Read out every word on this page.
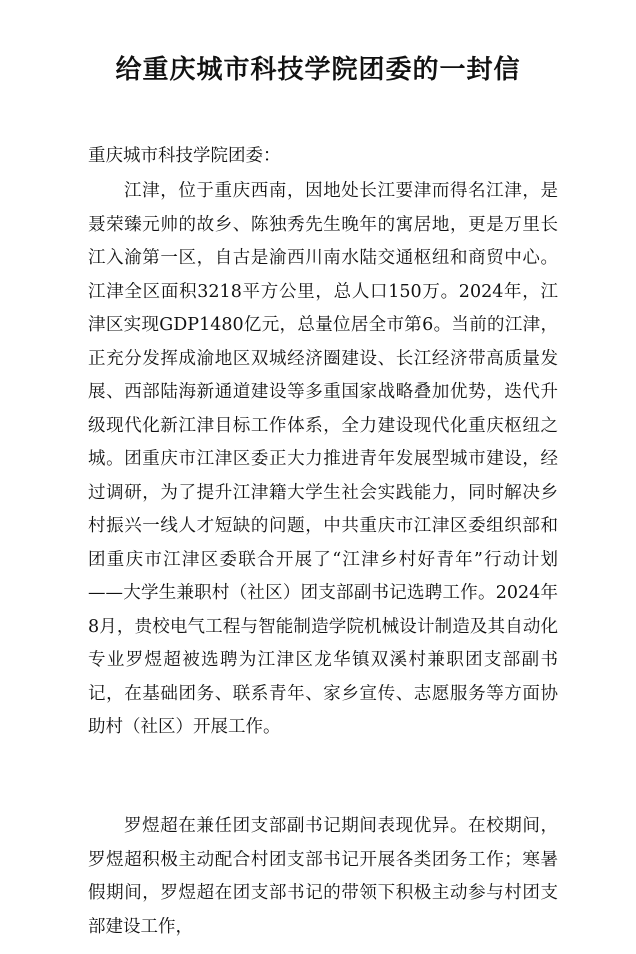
给重庆城市科技学院团委的一封信
重庆城市科技学院团委：

江津，位于重庆西南，因地处长江要津而得名江津，是聂荣臻元帅的故乡、陈独秀先生晚年的寓居地，更是万里长江入渝第一区，自古是渝西川南水陆交通枢纽和商贸中心。江津全区面积3218平方公里，总人口150万。2024年，江津区实现GDP1480亿元，总量位居全市第6。当前的江津，正充分发挥成渝地区双城经济圈建设、长江经济带高质量发展、西部陆海新通道建设等多重国家战略叠加优势，迭代升级现代化新江津目标工作体系，全力建设现代化重庆枢纽之城。团重庆市江津区委正大力推进青年发展型城市建设，经过调研，为了提升江津籍大学生社会实践能力，同时解决乡村振兴一线人才短缺的问题，中共重庆市江津区委组织部和团重庆市江津区委联合开展了“江津乡村好青年”行动计划——大学生兼职村（社区）团支部副书记选聘工作。2024年8月，贵校电气工程与智能制造学院机械设计制造及其自动化专业罗煜超被选聘为江津区龙华镇双溪村兼职团支部副书记，在基础团务、联系青年、家乡宣传、志愿服务等方面协助村（社区）开展工作。

罗煜超在兼任团支部副书记期间表现优异。在校期间，罗煜超积极主动配合村团支部书记开展各类团务工作；寒暑假期间，罗煜超在团支部书记的带领下积极主动参与村团支部建设工作，
